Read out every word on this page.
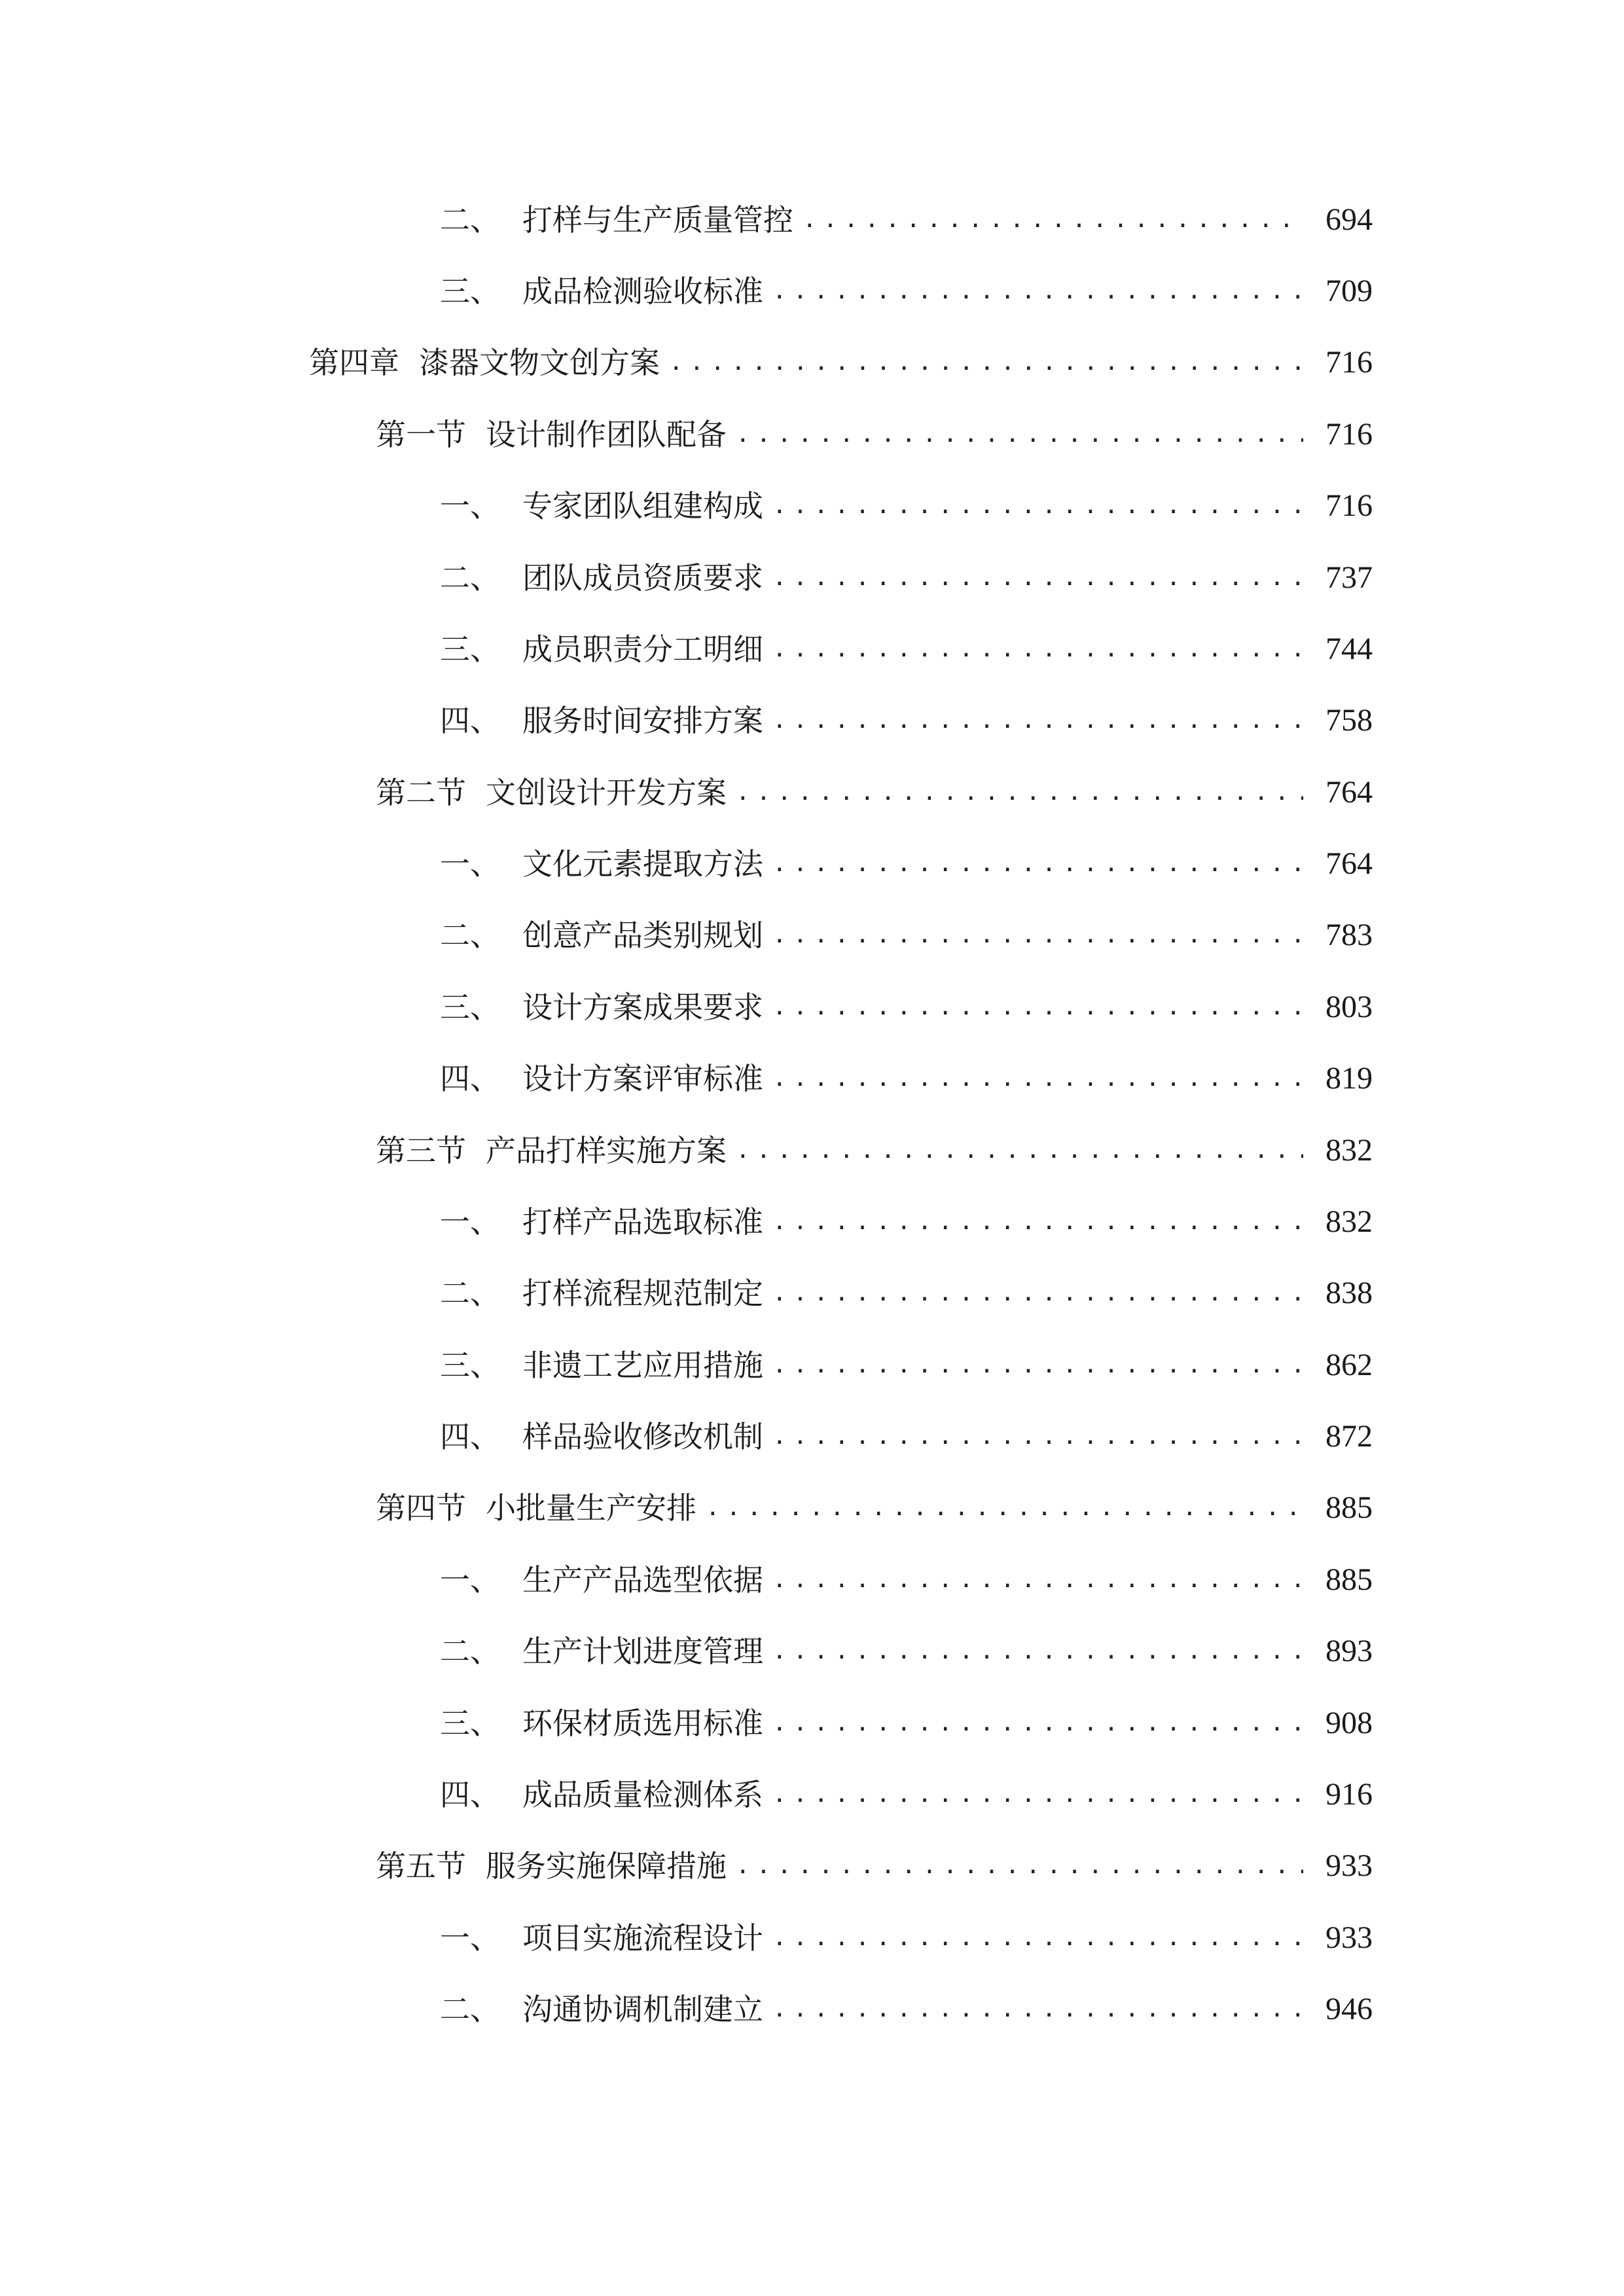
二、 打样与生产质量管控 .....	694
三、 成品检测验收标准 .....	709
第四章 漆器文物文创方案 .....	716
第一节 设计制作团队配备 .....	716
一、 专家团队组建构成 .....	716
二、 团队成员资质要求 .....	737
三、 成员职责分工明细 .....	744
四、 服务时间安排方案 .....	758
第二节 文创设计开发方案 .....	764
一、 文化元素提取方法 .....	764
二、 创意产品类别规划 .....	783
三、 设计方案成果要求 .....	803
四、 设计方案评审标准 .....	819
第三节 产品打样实施方案 .....	832
一、 打样产品选取标准 .....	832
二、 打样流程规范制定 .....	838
三、 非遗工艺应用措施 .....	862
四、 样品验收修改机制 .....	872
第四节 小批量生产安排 .....	885
一、 生产产品选型依据 .....	885
二、 生产计划进度管理 .....	893
三、 环保材质选用标准 .....	908
四、 成品质量检测体系 .....	916
第五节 服务实施保障措施 .....	933
一、 项目实施流程设计 .....	933
二、 沟通协调机制建立 .....	946
